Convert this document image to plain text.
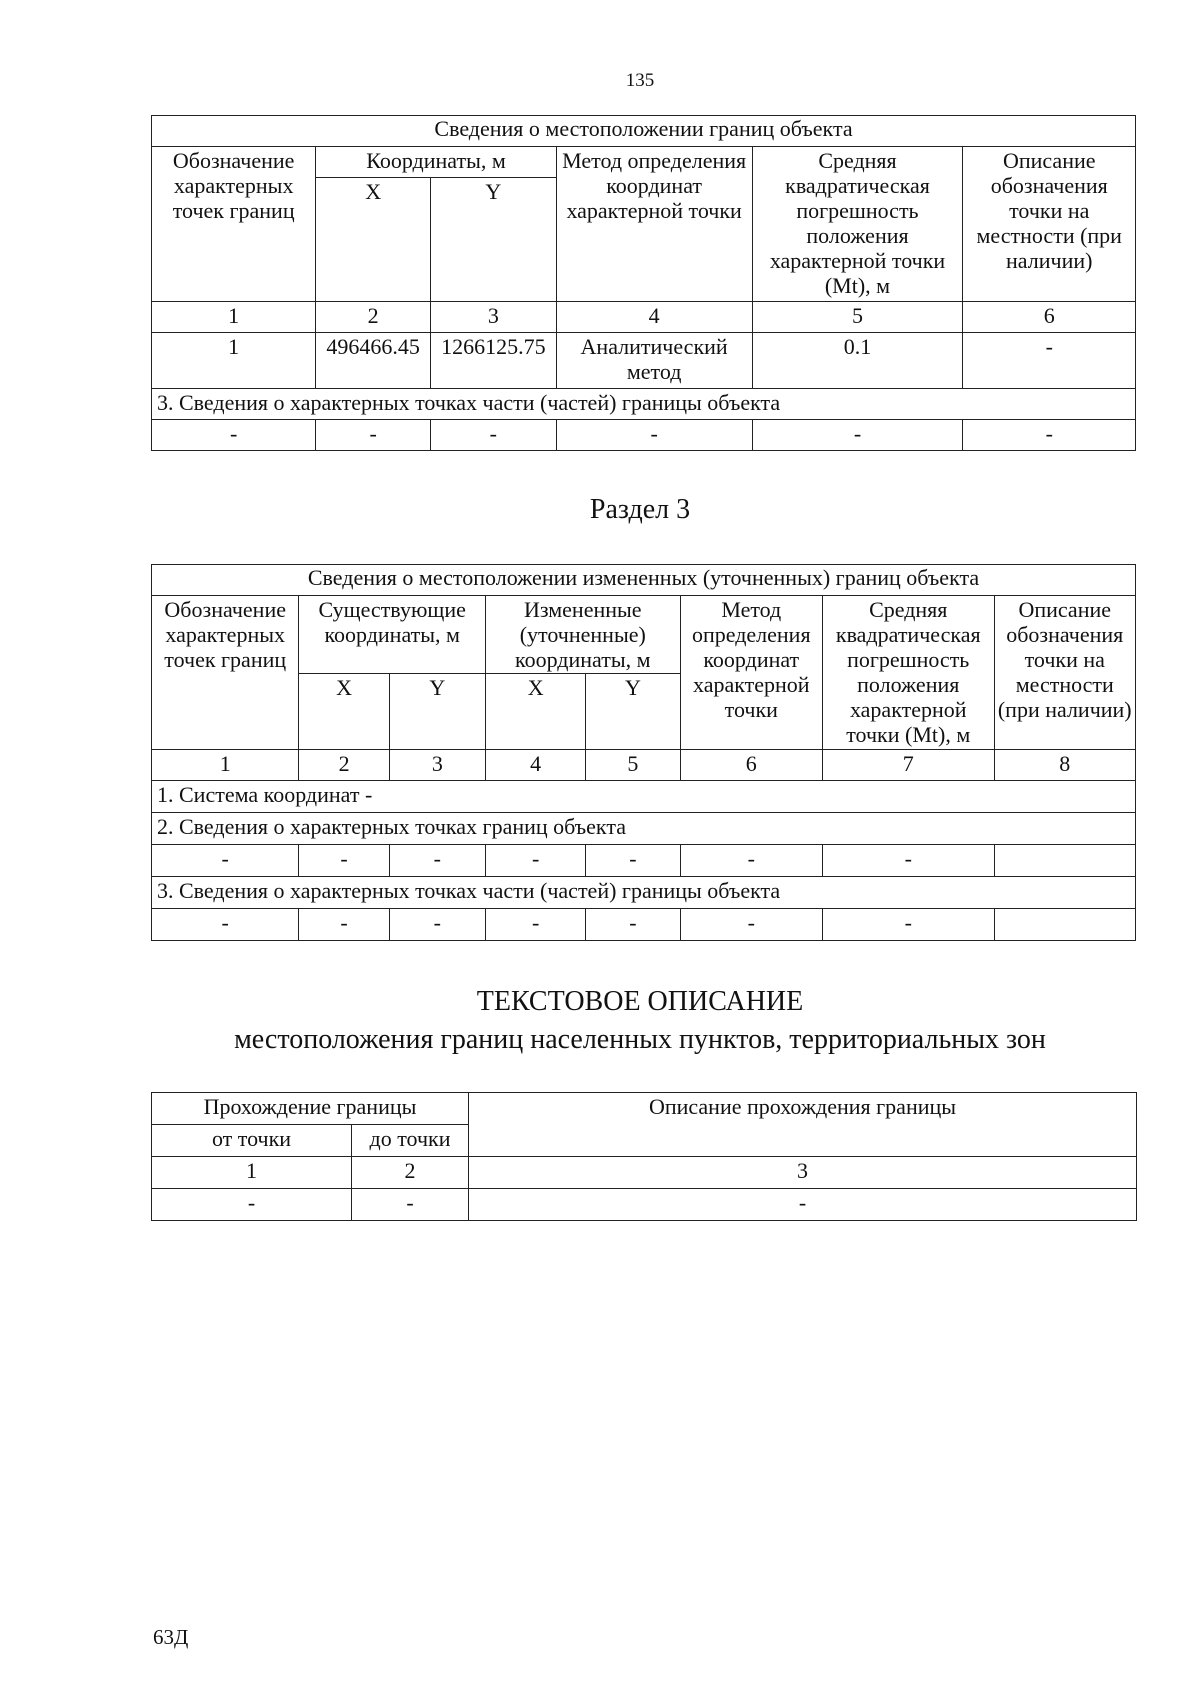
135
Сведения о местоположении границ объекта					
Обозначение характерных точек границ	Координаты, м		Метод определения координат характерной точки	Средняя квадратическая погрешность положения характерной точки (Mt), м	Описание обозначения точки на местности (при наличии)
	X	Y			
1	2	3	4	5	6
1	496466.45	1266125.75	Аналитический метод	0.1	-
3. Сведения о характерных точках части (частей) границы объекта					
-	-	-	-	-	-
Раздел 3
Сведения о местоположении измененных (уточненных) границ объекта							
Обозначение характерных точек границ	Существующие координаты, м		Измененные (уточненные) координаты, м		Метод определения координат характерной точки	Средняя квадратическая погрешность положения характерной точки (Mt), м	Описание обозначения точки на местности (при наличии)
	X	Y	X	Y			
1	2	3	4	5	6	7	8
1. Система координат -							
2. Сведения о характерных точках границ объекта							
-	-	-	-	-	-	-	
3. Сведения о характерных точках части (частей) границы объекта							
-	-	-	-	-	-	-	
ТЕКСТОВОЕ ОПИСАНИЕ
местоположения границ населенных пунктов, территориальных зон
Прохождение границы		Описание прохождения границы
от точки	до точки	
1	2	3
-	-	-
63Д
